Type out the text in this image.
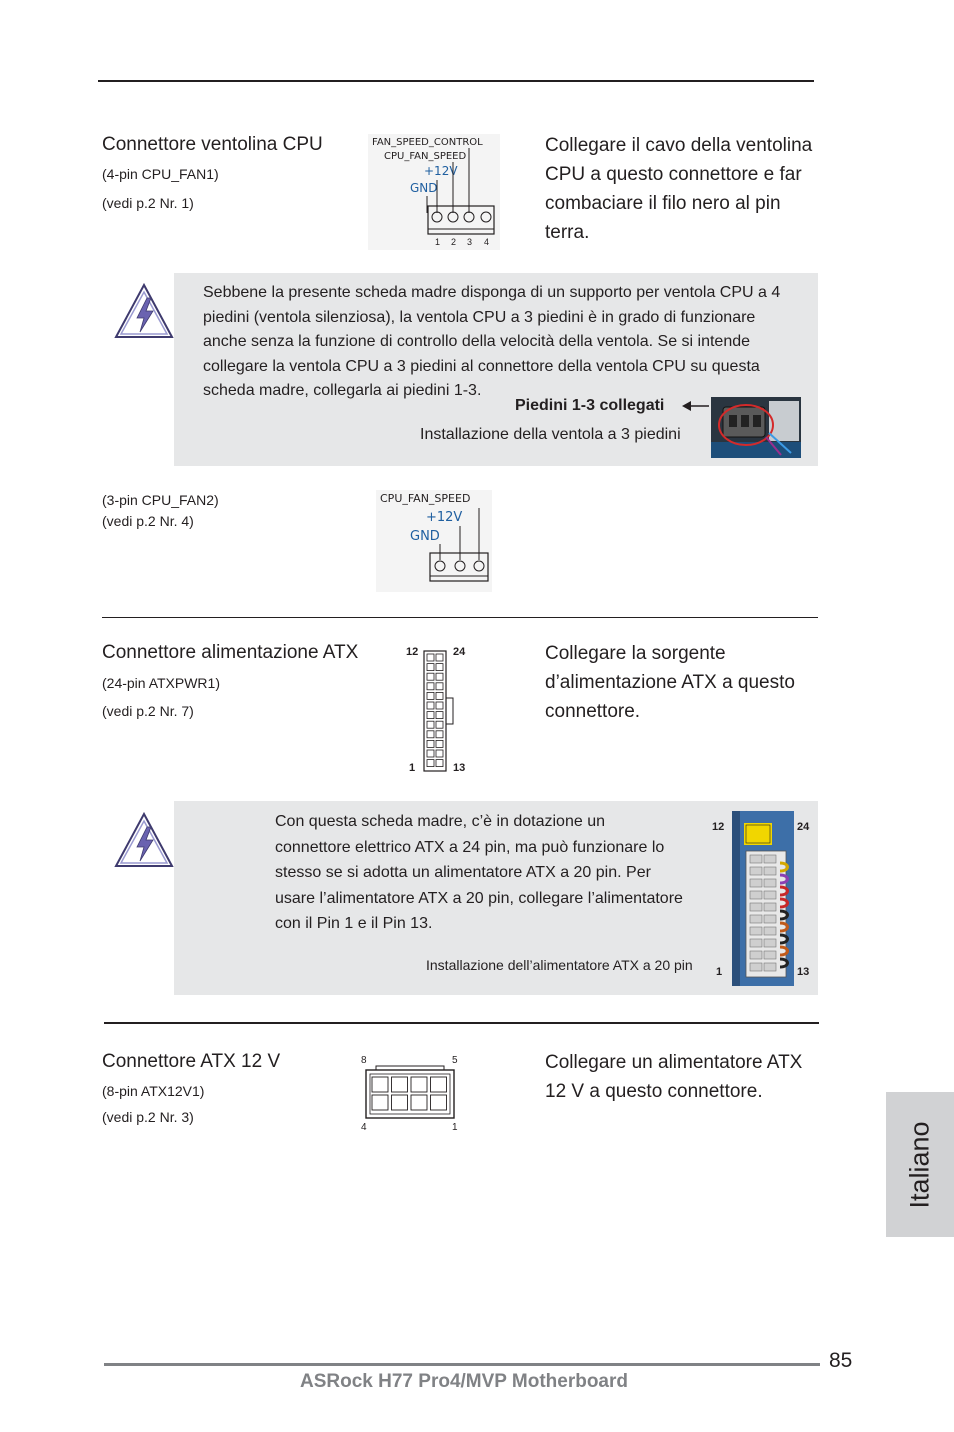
Connettore ventolina CPU
(4-pin CPU_FAN1)
(vedi p.2 Nr. 1)
FAN_SPEED_CONTROL
CPU_FAN_SPEED
+12V
GND
1 2 3 4
Collegare il cavo della ventolina
CPU a questo connettore e far
combaciare il filo nero al pin
terra.
Sebbene la presente scheda madre disponga di un supporto per ventola CPU a 4
piedini (ventola silenziosa), la ventola CPU a 3 piedini è in grado di funzionare
anche senza la funzione di controllo della velocità della ventola. Se si intende
collegare la ventola CPU a 3 piedini al connettore della ventola CPU su questa
scheda madre, collegarla ai piedini 1-3.
Piedini 1-3 collegati
Installazione della ventola a 3 piedini
(3-pin CPU_FAN2)
(vedi p.2 Nr. 4)
CPU_FAN_SPEED
+12V
GND
Connettore alimentazione ATX
(24-pin ATXPWR1)
(vedi p.2 Nr. 7)
12	24
1	13
Collegare la sorgente
d’alimentazione ATX a questo
connettore.
Con questa scheda madre, c’è in dotazione un
connettore elettrico ATX a 24 pin, ma può funzionare lo
stesso se si adotta un alimentatore ATX a 20 pin. Per
usare l’alimentatore ATX a 20 pin, collegare l’alimentatore
con il Pin 1 e il Pin 13.
Installazione dell’alimentatore ATX a 20 pin
12	24
1	13
Connettore ATX 12 V
(8-pin ATX12V1)
(vedi p.2 Nr. 3)
8	5
4	1
Collegare un alimentatore ATX
12 V a questo connettore.
Italiano
85
ASRock H77 Pro4/MVP Motherboard
